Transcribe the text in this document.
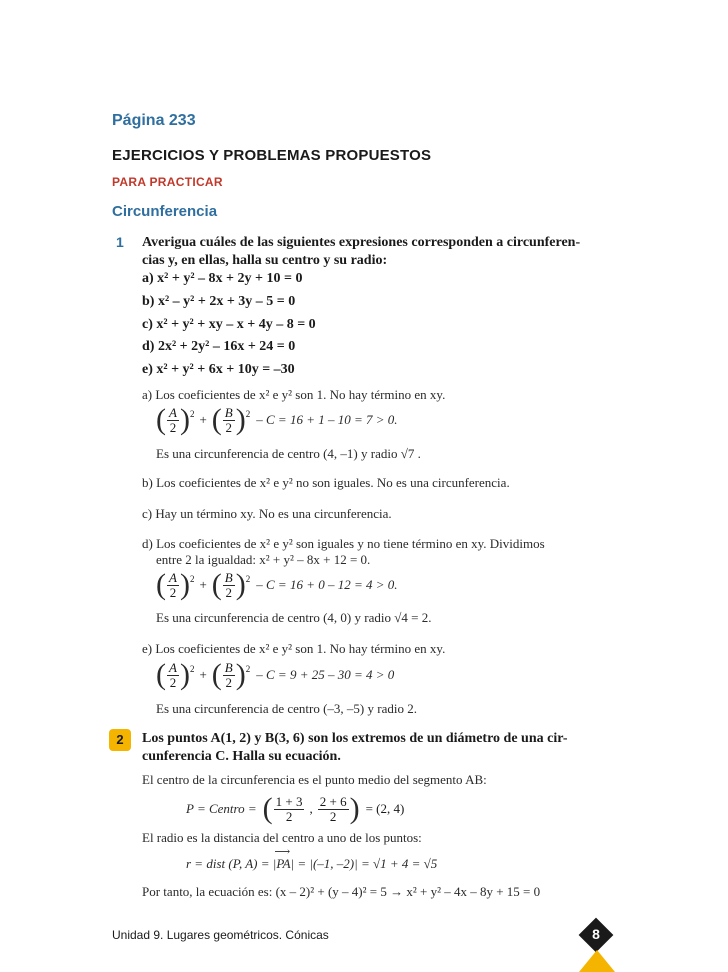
Página 233
EJERCICIOS Y PROBLEMAS PROPUESTOS
PARA PRACTICAR
Circunferencia
1 Averigua cuáles de las siguientes expresiones corresponden a circunferen-
cias y, en ellas, halla su centro y su radio:
a) x² + y² – 8x + 2y + 10 = 0
b) x² – y² + 2x + 3y – 5 = 0
c) x² + y² + xy – x + 4y – 8 = 0
d) 2x² + 2y² – 16x + 24 = 0
e) x² + y² + 6x + 10y = –30
a) Los coeficientes de x² e y² son 1. No hay término en xy.
( $\frac{A}{2}$ ) 2 + ( $\frac{B}{2}$ ) 2 – C = 16 + 1 – 10 = 7 > 0.
Es una circunferencia de centro (4, –1) y radio √7 .
b) Los coeficientes de x² e y² no son iguales. No es una circunferencia.
c) Hay un término xy. No es una circunferencia.
d) Los coeficientes de x² e y² son iguales y no tiene término en xy. Dividimos
entre 2 la igualdad: x² + y² – 8x + 12 = 0.
( $\frac{A}{2}$ ) 2 + ( $\frac{B}{2}$ ) 2 – C = 16 + 0 – 12 = 4 > 0.
Es una circunferencia de centro (4, 0) y radio √4 = 2.
e) Los coeficientes de x² e y² son 1. No hay término en xy.
( $\frac{A}{2}$ ) 2 + ( $\frac{B}{2}$ ) 2 – C = 9 + 25 – 30 = 4 > 0
Es una circunferencia de centro (–3, –5) y radio 2.
2	Los puntos A(1, 2) y B(3, 6) son los extremos de un diámetro de una cir-
cunferencia C. Halla su ecuación.
El centro de la circunferencia es el punto medio del segmento AB:
P = Centro = ( $\frac{1 + 3}{2}$ , $\frac{2 + 6}{2}$ ) = (2, 4)
El radio es la distancia del centro a uno de los puntos:
r = dist (P, A) = |⟶ PA| = |(–1, –2)| = √1 + 4 = √5
Por tanto, la ecuación es: (x – 2)² + (y – 4)² = 5 → x² + y² – 4x – 8y + 15 = 0
Unidad 9. Lugares geométricos. Cónicas	8
